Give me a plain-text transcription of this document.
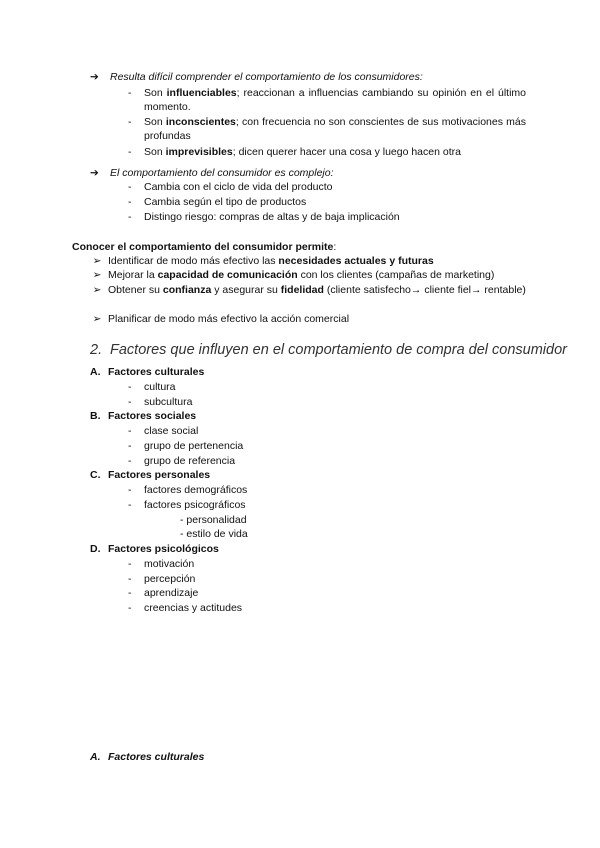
➔ Resulta difícil comprender el comportamiento de los consumidores:
-	Son influenciables; reaccionan a influencias cambiando su opinión en el último momento.
-	Son inconscientes; con frecuencia no son conscientes de sus motivaciones más profundas
-	Son imprevisibles; dicen querer hacer una cosa y luego hacen otra
➔ El comportamiento del consumidor es complejo:
-	Cambia con el ciclo de vida del producto
-	Cambia según el tipo de productos
-	Distingo riesgo: compras de altas y de baja implicación
Conocer el comportamiento del consumidor permite:
➢ Identificar de modo más efectivo las necesidades actuales y futuras
➢ Mejorar la capacidad de comunicación con los clientes (campañas de marketing)
➢ Obtener su confianza y asegurar su fidelidad (cliente satisfecho→ cliente fiel→ rentable)
➢ Planificar de modo más efectivo la acción comercial
2. Factores que influyen en el comportamiento de compra del consumidor
A. Factores culturales
-	cultura
-	subcultura
B. Factores sociales
-	clase social
-	grupo de pertenencia
-	grupo de referencia
C. Factores personales
-	factores demográficos
-	factores psicográficos
- personalidad
- estilo de vida
D. Factores psicológicos
-	motivación
-	percepción
-	aprendizaje
-	creencias y actitudes
A. Factores culturales
